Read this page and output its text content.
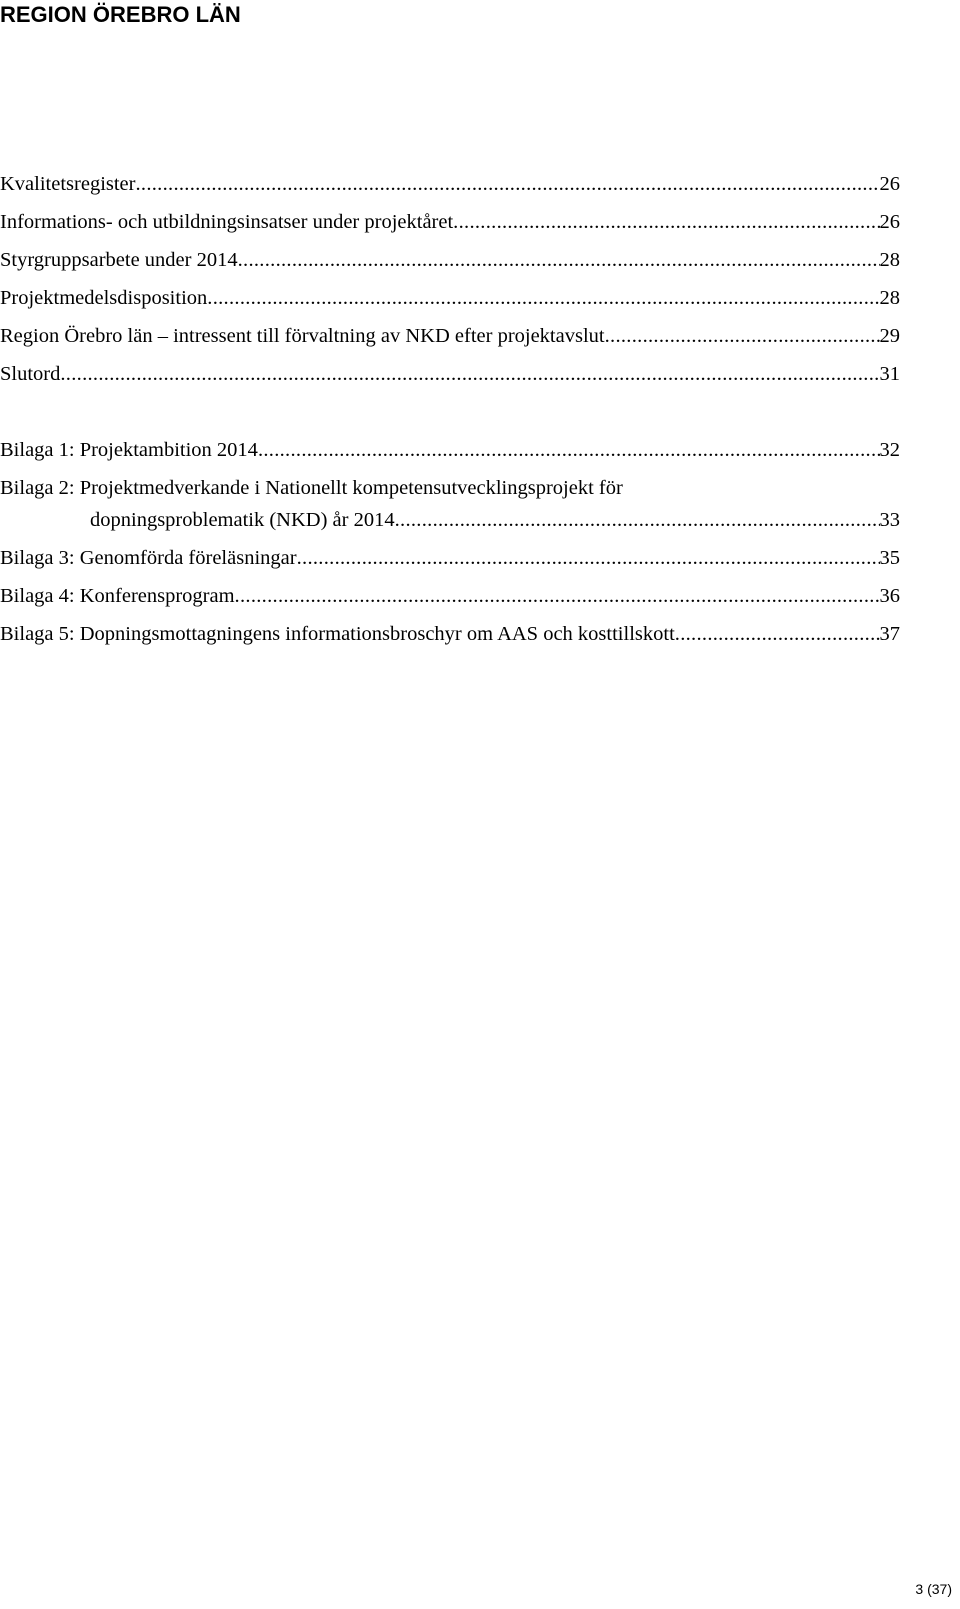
REGION ÖREBRO LÄN
Kvalitetsregister .....	26
Informations- och utbildningsinsatser under projektåret .....	26
Styrgruppsarbete under 2014 .....	28
Projektmedelsdisposition .....	28
Region Örebro län – intressent till förvaltning av NKD efter projektavslut .....	29
Slutord .....	31
Bilaga 1: Projektambition 2014 .....	32
Bilaga 2: Projektmedverkande i Nationellt kompetensutvecklingsprojekt för
dopningsproblematik (NKD) år 2014 .....	33
Bilaga 3: Genomförda föreläsningar .....	35
Bilaga 4: Konferensprogram .....	36
Bilaga 5: Dopningsmottagningens informationsbroschyr om AAS och kosttillskott .....	37
3 (37)
